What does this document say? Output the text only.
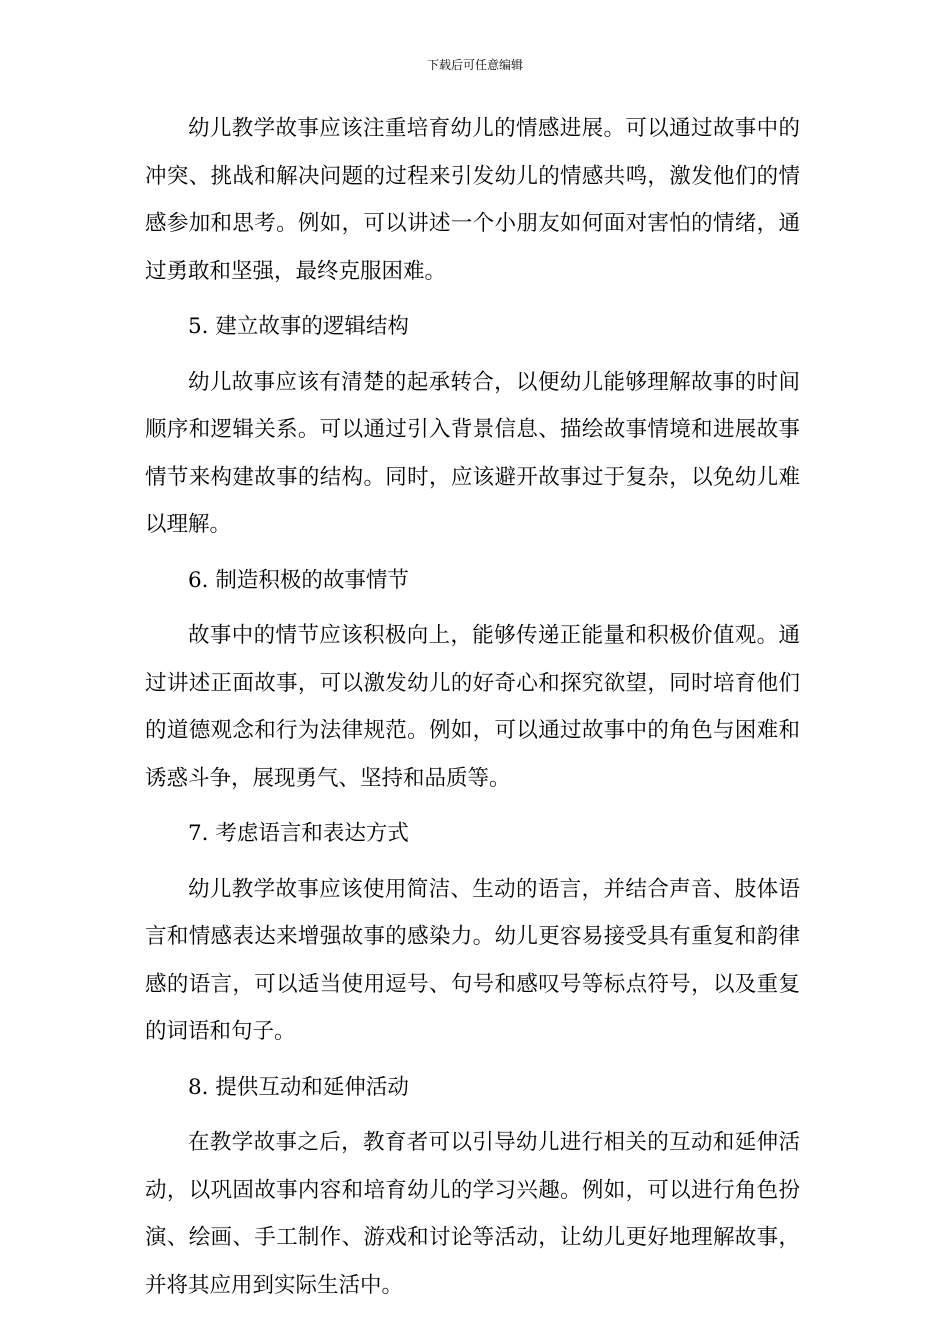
下载后可任意编辑

幼儿教学故事应该注重培育幼儿的情感进展。可以通过故事中的冲突、挑战和解决问题的过程来引发幼儿的情感共鸣，激发他们的情感参加和思考。例如，可以讲述一个小朋友如何面对害怕的情绪，通过勇敢和坚强，最终克服困难。

5. 建立故事的逻辑结构

幼儿故事应该有清楚的起承转合，以便幼儿能够理解故事的时间顺序和逻辑关系。可以通过引入背景信息、描绘故事情境和进展故事情节来构建故事的结构。同时，应该避开故事过于复杂，以免幼儿难以理解。

6. 制造积极的故事情节

故事中的情节应该积极向上，能够传递正能量和积极价值观。通过讲述正面故事，可以激发幼儿的好奇心和探究欲望，同时培育他们的道德观念和行为法律规范。例如，可以通过故事中的角色与困难和诱惑斗争，展现勇气、坚持和品质等。

7. 考虑语言和表达方式

幼儿教学故事应该使用简洁、生动的语言，并结合声音、肢体语言和情感表达来增强故事的感染力。幼儿更容易接受具有重复和韵律感的语言，可以适当使用逗号、句号和感叹号等标点符号，以及重复的词语和句子。

8. 提供互动和延伸活动

在教学故事之后，教育者可以引导幼儿进行相关的互动和延伸活动，以巩固故事内容和培育幼儿的学习兴趣。例如，可以进行角色扮演、绘画、手工制作、游戏和讨论等活动，让幼儿更好地理解故事，并将其应用到实际生活中。
